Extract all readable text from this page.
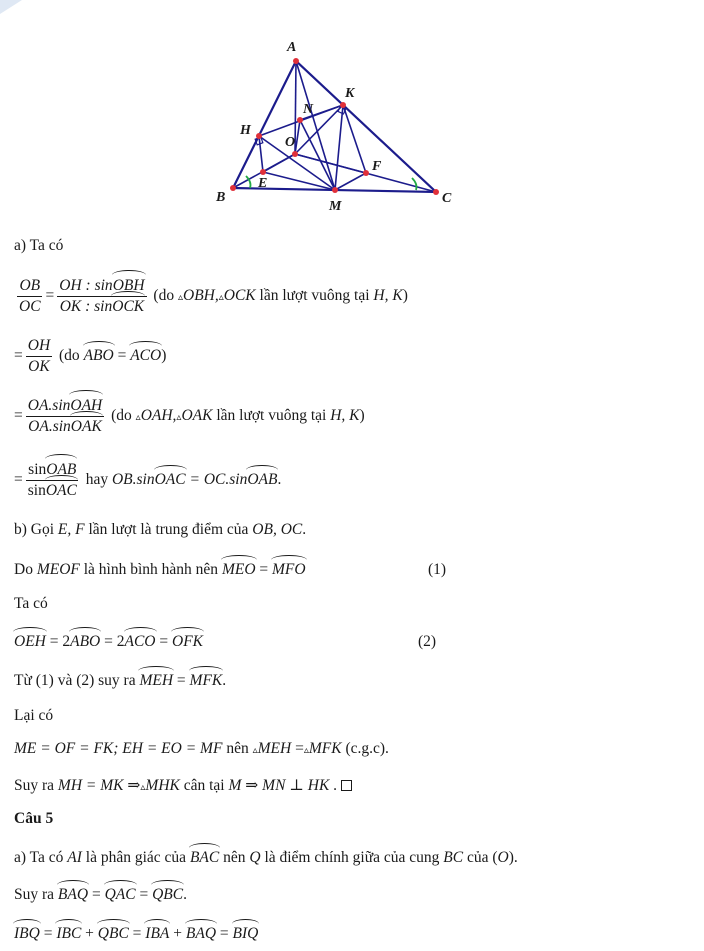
A
K
N
H
O
F
E
B
M
C
a) Ta có
$\frac{OB}{OC} = \frac{\text{OH : sinOBH}}{\text{OK : sinOCK}} (do$ ▵OBH,▵OCK lần lượt vuông tại H, K)
= $\frac{OH}{OK} (do$ ABO = ACO)
= $\frac{\text{OA.sinOAH}}{\text{OA.sinOAK}} (do$ ▵OAH,▵OAK lần lượt vuông tại H, K)
= $\frac{\text{sinOAB}}{\text{sinOAC}}$ hay OB.sinOAC = OC.sinOAB.
b) Gọi E, F lần lượt là trung điểm của OB, OC.
Do MEOF là hình bình hành nên MEO = MFO	(1)
Ta có
OEH = 2ABO = 2ACO = OFK	(2)
Từ (1) và (2) suy ra MEH = MFK.
Lại có
ME = OF = FK; EH = EO = MF nên ▵MEH =▵MFK (c.g.c).
Suy ra MH = MK ⇒▵MHK cân tại M ⇒ MN ⊥ HK .
Câu 5
a) Ta có AI là phân giác của BAC nên Q là điểm chính giữa của cung BC của (O).
Suy ra BAQ = QAC = QBC.
IBQ = IBC + QBC = IBA + BAQ = BIQ
